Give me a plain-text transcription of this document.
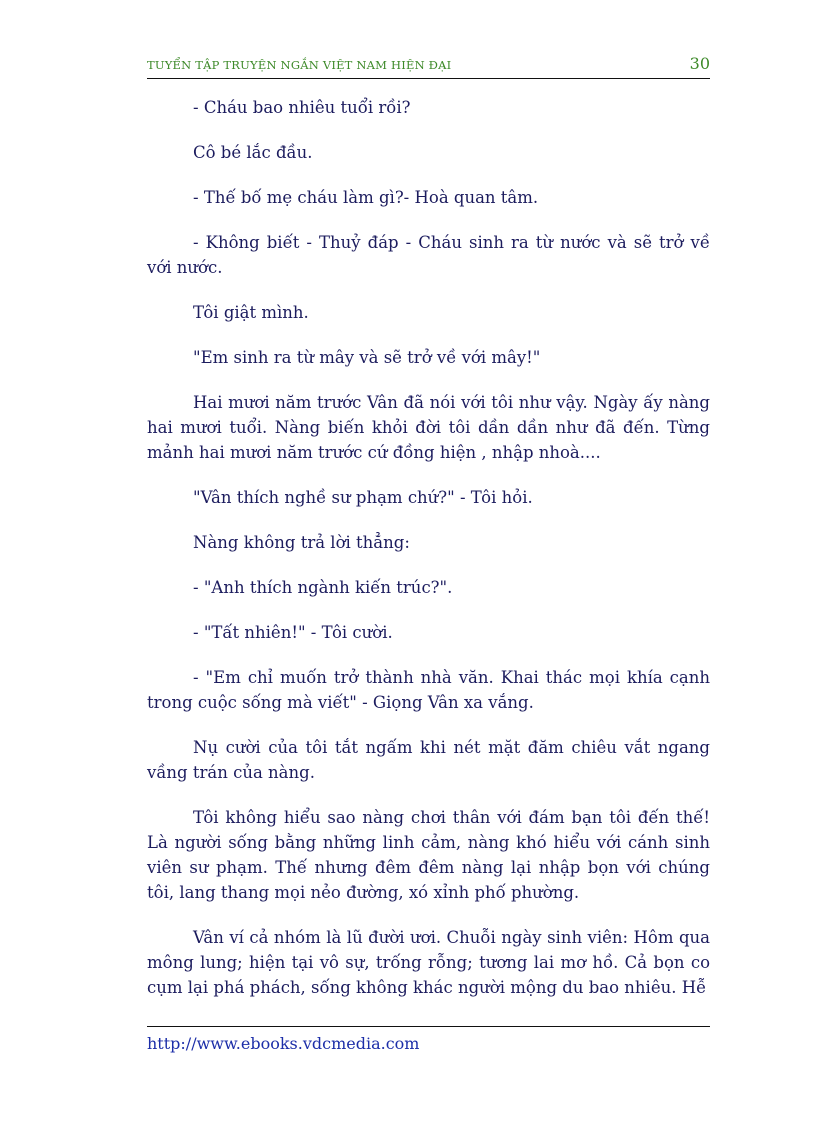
TUYỂN TẬP TRUYỆN NGẮN VIỆT NAM HIỆN ĐẠI	30

- Cháu bao nhiêu tuổi rồi?

Cô bé lắc đầu.

- Thế bố mẹ cháu làm gì?- Hoà quan tâm.

- Không biết - Thuỷ đáp - Cháu sinh ra từ nước và sẽ trở về với nước.

Tôi giật mình.

"Em sinh ra từ mây và sẽ trở về với mây!"

Hai mươi năm trước Vân đã nói với tôi như vậy. Ngày ấy nàng hai mươi tuổi. Nàng biến khỏi đời tôi dần dần như đã đến. Từng mảnh hai mươi năm trước cứ đồng hiện , nhập nhoà....

"Vân thích nghề sư phạm chứ?" - Tôi hỏi.

Nàng không trả lời thẳng:

- "Anh thích ngành kiến trúc?".

- "Tất nhiên!" - Tôi cười.

- "Em chỉ muốn trở thành nhà văn. Khai thác mọi khía cạnh trong cuộc sống mà viết" - Giọng Vân xa vắng.

Nụ cười của tôi tắt ngấm khi nét mặt đăm chiêu vắt ngang vầng trán của nàng.

Tôi không hiểu sao nàng chơi thân với đám bạn tôi đến thế! Là người sống bằng những linh cảm, nàng khó hiểu với cánh sinh viên sư phạm. Thế nhưng đêm đêm nàng lại nhập bọn với chúng tôi, lang thang mọi nẻo đường, xó xỉnh phố phường.

Vân ví cả nhóm là lũ đười ươi. Chuỗi ngày sinh viên: Hôm qua mông lung; hiện tại vô sự, trống rỗng; tương lai mơ hồ. Cả bọn co cụm lại phá phách, sống không khác người mộng du bao nhiêu. Hễ

http://www.ebooks.vdcmedia.com
